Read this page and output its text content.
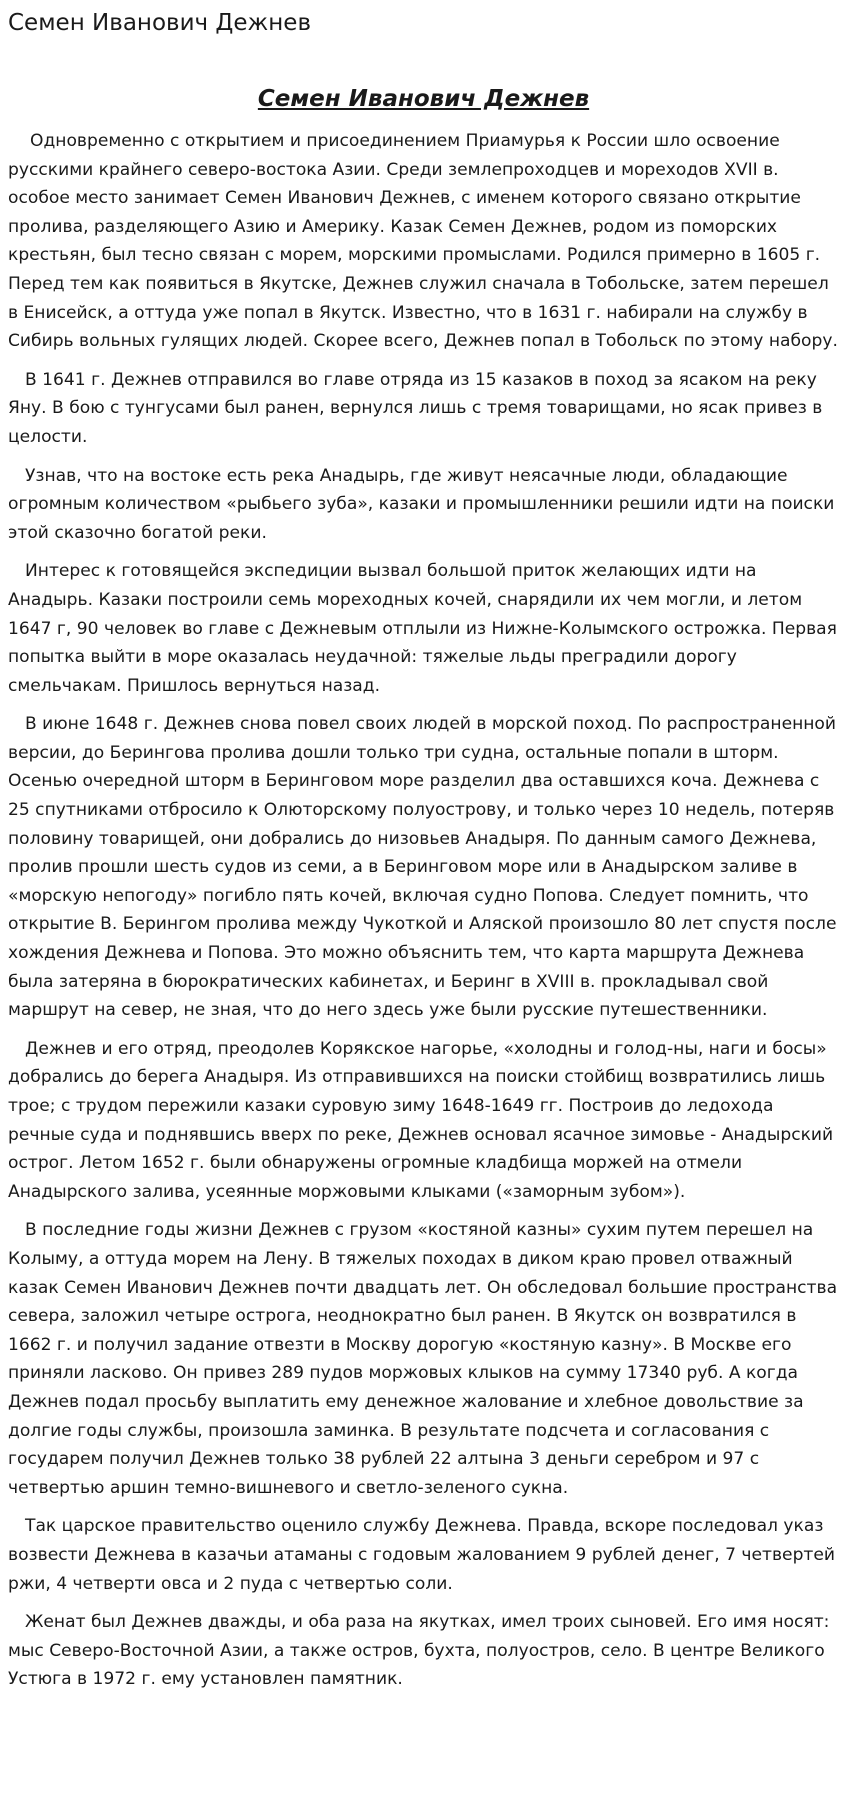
Семен Иванович Дежнев
Семен Иванович Дежнев

Одновременно с открытием и присоединением Приамурья к России шло освоение русскими крайнего северо-востока Азии. Среди землепроходцев и мореходов XVII в. особое место занимает Семен Иванович Дежнев, с именем которого связано открытие пролива, разделяющего Азию и Америку. Казак Семен Дежнев, родом из поморских крестьян, был тесно связан с морем, морскими промыслами. Родился примерно в 1605 г. Перед тем как появиться в Якутске, Дежнев служил сначала в Тобольске, затем перешел в Енисейск, а оттуда уже попал в Якутск. Известно, что в 1631 г. набирали на службу в Сибирь вольных гулящих людей. Скорее всего, Дежнев попал в Тобольск по этому набору.

В 1641 г. Дежнев отправился во главе отряда из 15 казаков в поход за ясаком на реку Яну. В бою с тунгусами был ранен, вернулся лишь с тремя товарищами, но ясак привез в целости.

Узнав, что на востоке есть река Анадырь, где живут неясачные люди, обладающие огромным количеством «рыбьего зуба», казаки и промышленники решили идти на поиски этой сказочно богатой реки.

Интерес к готовящейся экспедиции вызвал большой приток желающих идти на Анадырь. Казаки построили семь мореходных кочей, снарядили их чем могли, и летом 1647 г, 90 человек во главе с Дежневым отплыли из Нижне-Колымского острожка. Первая попытка выйти в море оказалась неудачной: тяжелые льды преградили дорогу смельчакам. Пришлось вернуться назад.

В июне 1648 г. Дежнев снова повел своих людей в морской поход. По распространенной версии, до Берингова пролива дошли только три судна, остальные попали в шторм. Осенью очередной шторм в Беринговом море разделил два оставшихся коча. Дежнева с 25 спутниками отбросило к Олюторскому полуострову, и только через 10 недель, потеряв половину товарищей, они добрались до низовьев Анадыря. По данным самого Дежнева, пролив прошли шесть судов из семи, а в Беринговом море или в Анадырском заливе в «морскую непогоду» погибло пять кочей, включая судно Попова. Следует помнить, что открытие В. Берингом пролива между Чукоткой и Аляской произошло 80 лет спустя после хождения Дежнева и Попова. Это можно объяснить тем, что карта маршрута Дежнева была затеряна в бюрократических кабинетах, и Беринг в XVIII в. прокладывал свой маршрут на север, не зная, что до него здесь уже были русские путешественники.

Дежнев и его отряд, преодолев Корякское нагорье, «холодны и голод-ны, наги и босы» добрались до берега Анадыря. Из отправившихся на поиски стойбищ возвратились лишь трое; с трудом пережили казаки суровую зиму 1648-1649 гг. Построив до ледохода речные суда и поднявшись вверх по реке, Дежнев основал ясачное зимовье - Анадырский острог. Летом 1652 г. были обнаружены огромные кладбища моржей на отмели Анадырского залива, усеянные моржовыми клыками («заморным зубом»).

В последние годы жизни Дежнев с грузом «костяной казны» сухим путем перешел на Колыму, а оттуда морем на Лену. В тяжелых походах в диком краю провел отважный казак Семен Иванович Дежнев почти двадцать лет. Он обследовал большие пространства севера, заложил четыре острога, неоднократно был ранен. В Якутск он возвратился в 1662 г. и получил задание отвезти в Москву дорогую «костяную казну». В Москве его приняли ласково. Он привез 289 пудов моржовых клыков на сумму 17340 руб. А когда Дежнев подал просьбу выплатить ему денежное жалование и хлебное довольствие за долгие годы службы, произошла заминка. В результате подсчета и согласования с государем получил Дежнев только 38 рублей 22 алтына 3 деньги серебром и 97 с четвертью аршин темно-вишневого и светло-зеленого сукна.

Так царское правительство оценило службу Дежнева. Правда, вскоре последовал указ возвести Дежнева в казачьи атаманы с годовым жалованием 9 рублей денег, 7 четвертей ржи, 4 четверти овса и 2 пуда с четвертью соли.

Женат был Дежнев дважды, и оба раза на якутках, имел троих сыновей. Его имя носят: мыс Северо-Восточной Азии, а также остров, бухта, полуостров, село. В центре Великого Устюга в 1972 г. ему установлен памятник.
